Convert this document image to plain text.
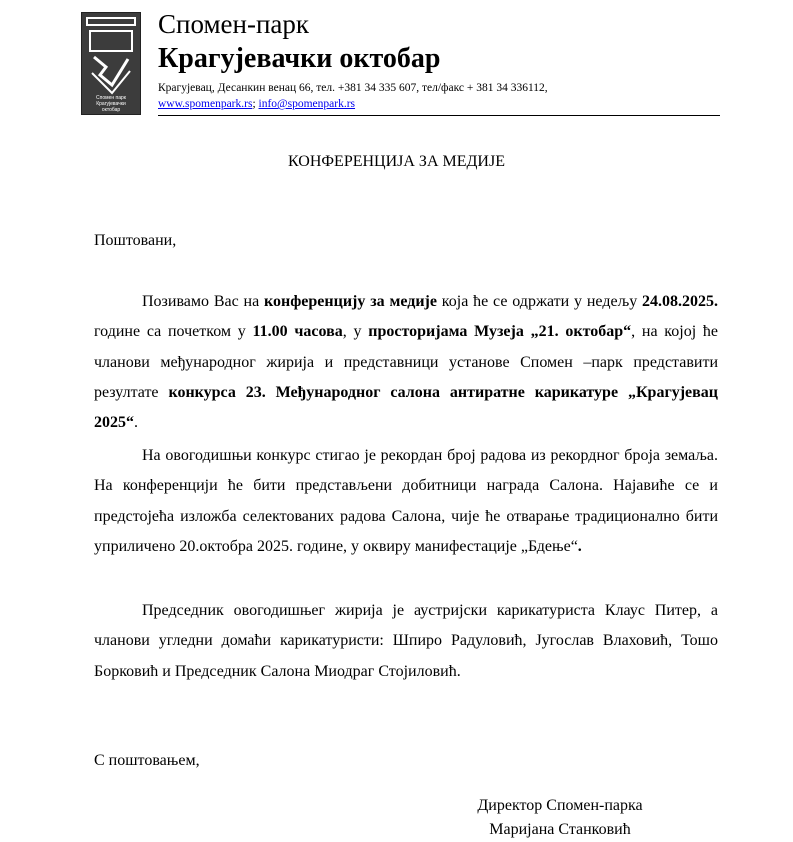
Спомен парк
Крагујевачки
октобар
Спомен-парк
Крагујевачки октобар
Крагујевац, Десанкин венац 66, тел. +381 34 335 607, тел/факс + 381 34 336112,
www.spomenpark.rs; info@spomenpark.rs
КОНФЕРЕНЦИЈА ЗА МЕДИЈЕ
Поштовани,
Позивамо Вас на конференцију за медије која ће се одржати у недељу 24.08.2025. године са почетком у 11.00 часова, у просторијама Музеја „21. октобар“, на којој ће чланови међународног жирија и представници установе Спомен –парк представити резултате конкурса 23. Међународног салона антиратне карикатуре „Крагујевац 2025“.
На овогодишњи конкурс стигао је рекордан број радова из рекордног броја земаља. На конференцији ће бити представљени добитници награда Салона. Најавиће се и предстојећа изложба селектованих радова Салона, чије ће отварање традиционално бити уприличено 20.октобра 2025. године, у оквиру манифестације „Бдење“.
Председник овогодишњег жирија је аустријски карикатуриста Клаус Питер, а чланови угледни домаћи карикатуристи: Шпиро Радуловић, Југослав Влаховић, Тошо Борковић и Председник Салона Миодраг Стојиловић.
С поштовањем,
Директор Спомен-парка
Маријана Станковић
